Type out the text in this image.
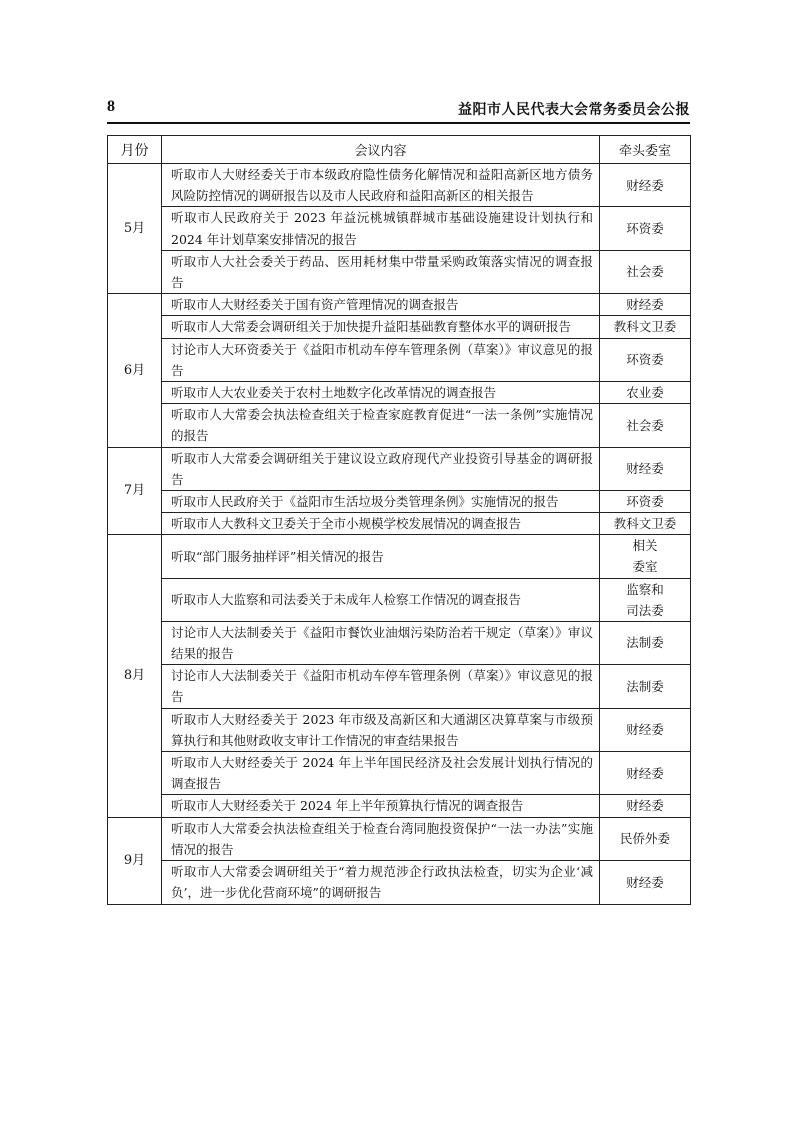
8	益阳市人民代表大会常务委员会公报
月份	会议内容	牵头委室
5月	听取市人大财经委关于市本级政府隐性债务化解情况和益阳高新区地方债务风险防控情况的调研报告以及市人民政府和益阳高新区的相关报告	财经委
	听取市人民政府关于 2023 年益沅桃城镇群城市基础设施建设计划执行和 2024 年计划草案安排情况的报告	环资委
	听取市人大社会委关于药品、医用耗材集中带量采购政策落实情况的调查报告	社会委
6月	听取市人大财经委关于国有资产管理情况的调查报告	财经委
	听取市人大常委会调研组关于加快提升益阳基础教育整体水平的调研报告	教科文卫委
	讨论市人大环资委关于《益阳市机动车停车管理条例（草案）》审议意见的报告	环资委
	听取市人大农业委关于农村土地数字化改革情况的调查报告	农业委
	听取市人大常委会执法检查组关于检查家庭教育促进“一法一条例”实施情况的报告	社会委
7月	听取市人大常委会调研组关于建议设立政府现代产业投资引导基金的调研报告	财经委
	听取市人民政府关于《益阳市生活垃圾分类管理条例》实施情况的报告	环资委
	听取市人大教科文卫委关于全市小规模学校发展情况的调查报告	教科文卫委
8月	听取“部门服务抽样评”相关情况的报告	相关委室
	听取市人大监察和司法委关于未成年人检察工作情况的调查报告	监察和司法委
	讨论市人大法制委关于《益阳市餐饮业油烟污染防治若干规定（草案）》审议结果的报告	法制委
	讨论市人大法制委关于《益阳市机动车停车管理条例（草案）》审议意见的报告	法制委
	听取市人大财经委关于 2023 年市级及高新区和大通湖区决算草案与市级预算执行和其他财政收支审计工作情况的审查结果报告	财经委
	听取市人大财经委关于 2024 年上半年国民经济及社会发展计划执行情况的调查报告	财经委
	听取市人大财经委关于 2024 年上半年预算执行情况的调查报告	财经委
9月	听取市人大常委会执法检查组关于检查台湾同胞投资保护“一法一办法”实施情况的报告	民侨外委
	听取市人大常委会调研组关于“着力规范涉企行政执法检查，切实为企业‘减负’，进一步优化营商环境”的调研报告	财经委
